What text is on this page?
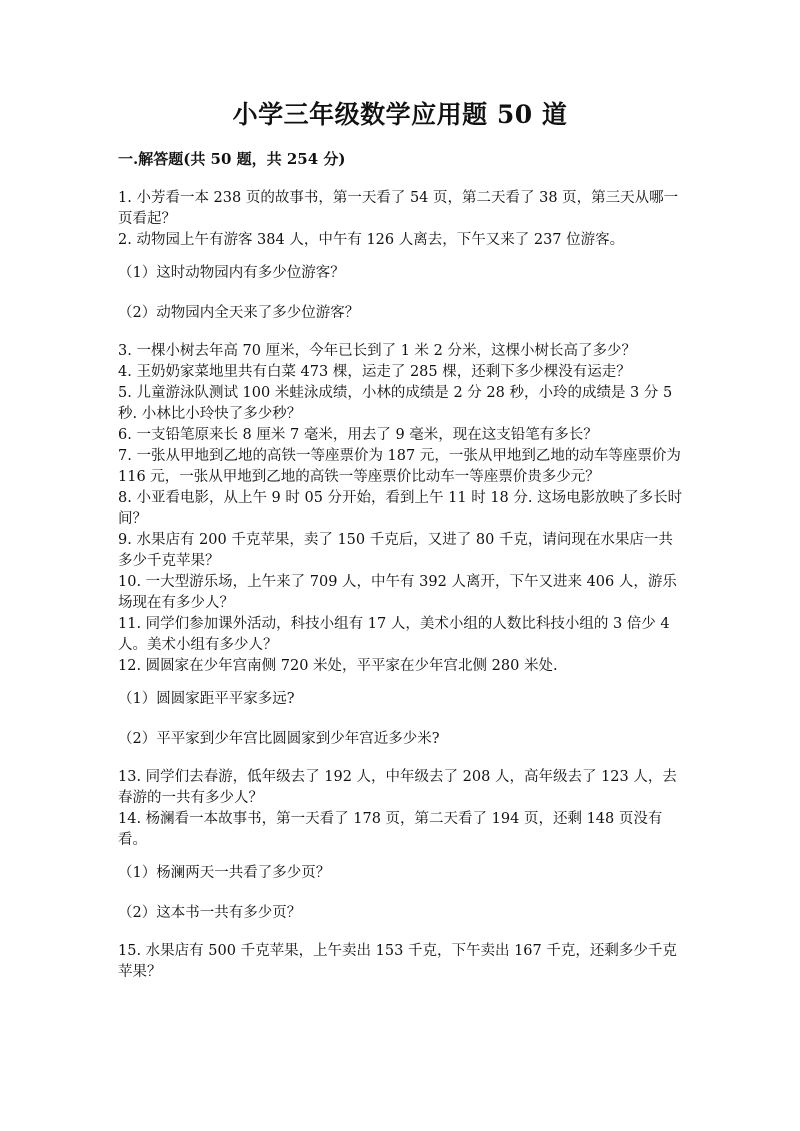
小学三年级数学应用题 50 道
一.解答题(共 50 题，共 254 分)

1. 小芳看一本 238 页的故事书，第一天看了 54 页，第二天看了 38 页，第三天从哪一页看起？

2. 动物园上午有游客 384 人，中午有 126 人离去，下午又来了 237 位游客。

（1）这时动物园内有多少位游客？

（2）动物园内全天来了多少位游客？

3. 一棵小树去年高 70 厘米，今年已长到了 1 米 2 分米，这棵小树长高了多少？

4. 王奶奶家菜地里共有白菜 473 棵，运走了 285 棵，还剩下多少棵没有运走？

5. 儿童游泳队测试 100 米蛙泳成绩，小林的成绩是 2 分 28 秒，小玲的成绩是 3 分 5 秒. 小林比小玲快了多少秒？

6. 一支铅笔原来长 8 厘米 7 毫米，用去了 9 毫米，现在这支铅笔有多长？

7. 一张从甲地到乙地的高铁一等座票价为 187 元，一张从甲地到乙地的动车等座票价为 116 元，一张从甲地到乙地的高铁一等座票价比动车一等座票价贵多少元？

8. 小亚看电影，从上午 9 时 05 分开始，看到上午 11 时 18 分. 这场电影放映了多长时间？

9. 水果店有 200 千克苹果，卖了 150 千克后，又进了 80 千克，请问现在水果店一共多少千克苹果？

10. 一大型游乐场，上午来了 709 人，中午有 392 人离开，下午又进来 406 人，游乐场现在有多少人？

11. 同学们参加课外活动，科技小组有 17 人，美术小组的人数比科技小组的 3 倍少 4 人。美术小组有多少人？

12. 圆圆家在少年宫南侧 720 米处，平平家在少年宫北侧 280 米处.

（1）圆圆家距平平家多远?

（2）平平家到少年宫比圆圆家到少年宫近多少米?

13. 同学们去春游，低年级去了 192 人，中年级去了 208 人，高年级去了 123 人，去春游的一共有多少人？

14. 杨澜看一本故事书，第一天看了 178 页，第二天看了 194 页，还剩 148 页没有看。

（1）杨澜两天一共看了多少页？

（2）这本书一共有多少页？

15. 水果店有 500 千克苹果，上午卖出 153 千克，下午卖出 167 千克，还剩多少千克苹果？
